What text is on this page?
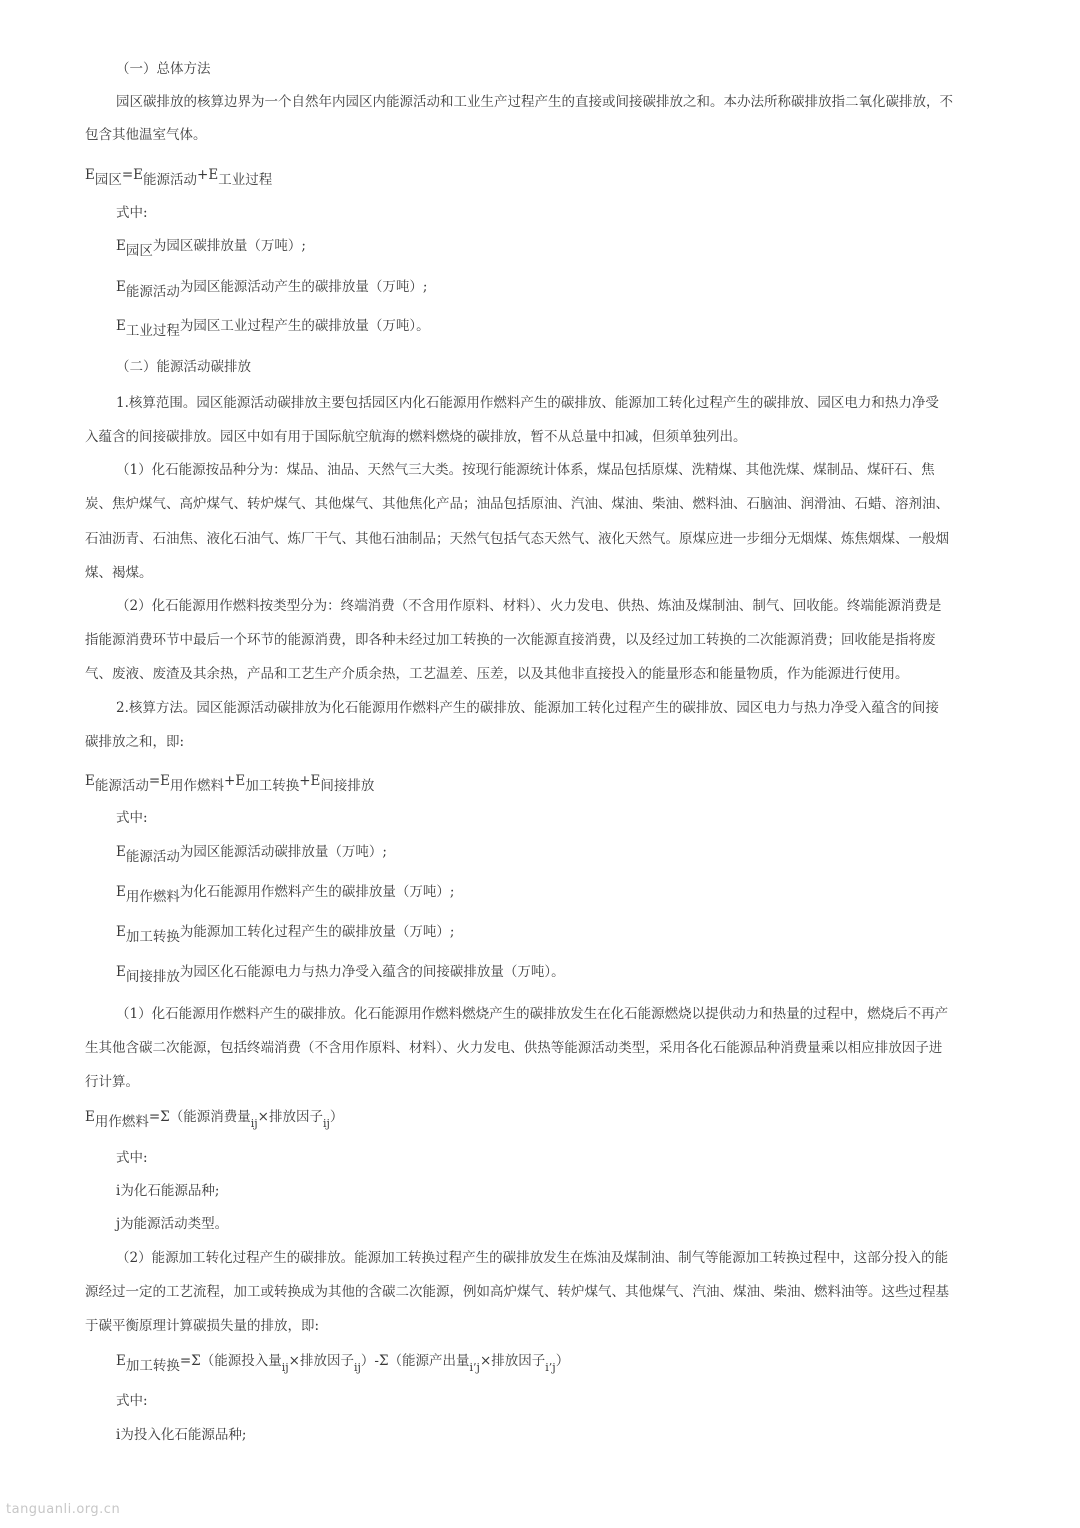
（一）总体方法
园区碳排放的核算边界为一个自然年内园区内能源活动和工业生产过程产生的直接或间接碳排放之和。本办法所称碳排放指二氧化碳排放，不
包含其他温室气体。
$E_{园区}=E_{能源活动}+E_{工业过程}$
式中:
$E_{园区}$为园区碳排放量（万吨）;
$E_{能源活动}$为园区能源活动产生的碳排放量（万吨）;
$E_{工业过程}$为园区工业过程产生的碳排放量（万吨）。
（二）能源活动碳排放
1.核算范围。园区能源活动碳排放主要包括园区内化石能源用作燃料产生的碳排放、能源加工转化过程产生的碳排放、园区电力和热力净受
入蕴含的间接碳排放。园区中如有用于国际航空航海的燃料燃烧的碳排放，暂不从总量中扣减，但须单独列出。
（1）化石能源按品种分为：煤品、油品、天然气三大类。按现行能源统计体系，煤品包括原煤、洗精煤、其他洗煤、煤制品、煤矸石、焦
炭、焦炉煤气、高炉煤气、转炉煤气、其他煤气、其他焦化产品；油品包括原油、汽油、煤油、柴油、燃料油、石脑油、润滑油、石蜡、溶剂油、
石油沥青、石油焦、液化石油气、炼厂干气、其他石油制品；天然气包括气态天然气、液化天然气。原煤应进一步细分无烟煤、炼焦烟煤、一般烟
煤、褐煤。
（2）化石能源用作燃料按类型分为：终端消费（不含用作原料、材料）、火力发电、供热、炼油及煤制油、制气、回收能。终端能源消费是
指能源消费环节中最后一个环节的能源消费，即各种未经过加工转换的一次能源直接消费，以及经过加工转换的二次能源消费；回收能是指将废
气、废液、废渣及其余热，产品和工艺生产介质余热，工艺温差、压差，以及其他非直接投入的能量形态和能量物质，作为能源进行使用。
2.核算方法。园区能源活动碳排放为化石能源用作燃料产生的碳排放、能源加工转化过程产生的碳排放、园区电力与热力净受入蕴含的间接
碳排放之和，即:
$E_{能源活动}=E_{用作燃料}+E_{加工转换}+E_{间接排放}$
式中:
$E_{能源活动}$为园区能源活动碳排放量（万吨）;
$E_{用作燃料}$为化石能源用作燃料产生的碳排放量（万吨）;
$E_{加工转换}$为能源加工转化过程产生的碳排放量（万吨）;
$E_{间接排放}$为园区化石能源电力与热力净受入蕴含的间接碳排放量（万吨）。
（1）化石能源用作燃料产生的碳排放。化石能源用作燃料燃烧产生的碳排放发生在化石能源燃烧以提供动力和热量的过程中，燃烧后不再产
生其他含碳二次能源，包括终端消费（不含用作原料、材料）、火力发电、供热等能源活动类型，采用各化石能源品种消费量乘以相应排放因子进
行计算。
$E_{用作燃料}=\Sigma$（能源消费量$_{ij}$×排放因子$_{ij}$）
式中:
i为化石能源品种;
j为能源活动类型。
（2）能源加工转化过程产生的碳排放。能源加工转换过程产生的碳排放发生在炼油及煤制油、制气等能源加工转换过程中，这部分投入的能
源经过一定的工艺流程，加工或转换成为其他的含碳二次能源，例如高炉煤气、转炉煤气、其他煤气、汽油、煤油、柴油、燃料油等。这些过程基
于碳平衡原理计算碳损失量的排放，即:
$E_{加工转换}=\Sigma$（能源投入量$_{ij}$×排放因子$_{ij}$）-Σ（能源产出量$_{i’j}$×排放因子$_{i’j}$）
式中:
i为投入化石能源品种;
tanguanli.org.cn
